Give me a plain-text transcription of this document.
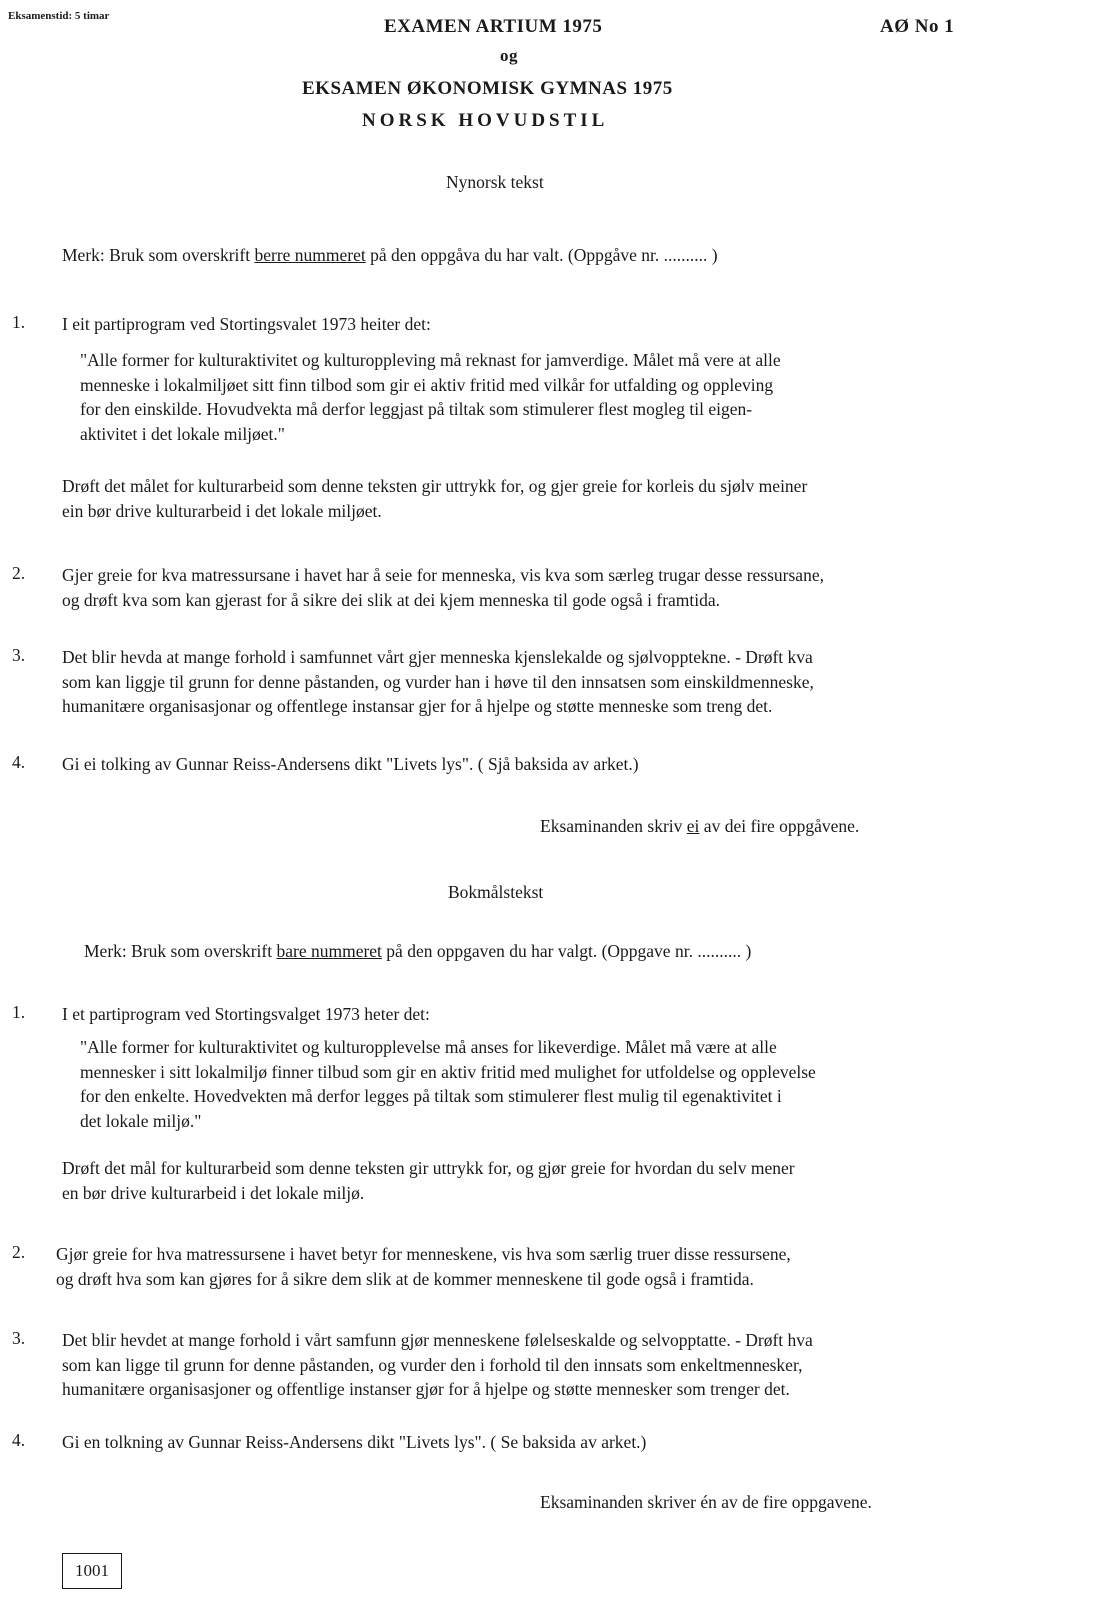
Eksamenstid: 5 timar	EXAMEN ARTIUM 1975	AØ No 1
og
EKSAMEN ØKONOMISK GYMNAS 1975
NORSK HOVUDSTIL
Nynorsk tekst
Merk: Bruk som overskrift berre nummeret på den oppgåva du har valt. (Oppgåve nr. .......... )
1. I eit partiprogram ved Stortingsvalet 1973 heiter det:
"Alle former for kulturaktivitet og kulturoppleving må reknast for jamverdige. Målet må vere at alle
menneske i lokalmiljøet sitt finn tilbod som gir ei aktiv fritid med vilkår for utfalding og oppleving
for den einskilde. Hovudvekta må derfor leggjast på tiltak som stimulerer flest mogleg til eigen-
aktivitet i det lokale miljøet."
Drøft det målet for kulturarbeid som denne teksten gir uttrykk for, og gjer greie for korleis du sjølv meiner
ein bør drive kulturarbeid i det lokale miljøet.
2. Gjer greie for kva matressursane i havet har å seie for menneska, vis kva som særleg trugar desse ressursane,
og drøft kva som kan gjerast for å sikre dei slik at dei kjem menneska til gode også i framtida.
3. Det blir hevda at mange forhold i samfunnet vårt gjer menneska kjenslekalde og sjølvopptekne. - Drøft kva
som kan liggje til grunn for denne påstanden, og vurder han i høve til den innsatsen som einskildmenneske,
humanitære organisasjonar og offentlege instansar gjer for å hjelpe og støtte menneske som treng det.
4. Gi ei tolking av Gunnar Reiss-Andersens dikt "Livets lys". ( Sjå baksida av arket.)
Eksaminanden skriv ei av dei fire oppgåvene.
Bokmålstekst
Merk: Bruk som overskrift bare nummeret på den oppgaven du har valgt. (Oppgave nr. .......... )
1. I et partiprogram ved Stortingsvalget 1973 heter det:
"Alle former for kulturaktivitet og kulturopplevelse må anses for likeverdige. Målet må være at alle
mennesker i sitt lokalmiljø finner tilbud som gir en aktiv fritid med mulighet for utfoldelse og opplevelse
for den enkelte. Hovedvekten må derfor legges på tiltak som stimulerer flest mulig til egenaktivitet i
det lokale miljø."
Drøft det mål for kulturarbeid som denne teksten gir uttrykk for, og gjør greie for hvordan du selv mener
en bør drive kulturarbeid i det lokale miljø.
2. Gjør greie for hva matressursene i havet betyr for menneskene, vis hva som særlig truer disse ressursene,
og drøft hva som kan gjøres for å sikre dem slik at de kommer menneskene til gode også i framtida.
3. Det blir hevdet at mange forhold i vårt samfunn gjør menneskene følelseskalde og selvopptatte. - Drøft hva
som kan ligge til grunn for denne påstanden, og vurder den i forhold til den innsats som enkeltmennesker,
humanitære organisasjoner og offentlige instanser gjør for å hjelpe og støtte mennesker som trenger det.
4. Gi en tolkning av Gunnar Reiss-Andersens dikt "Livets lys". ( Se baksida av arket.)
Eksaminanden skriver én av de fire oppgavene.
1001
